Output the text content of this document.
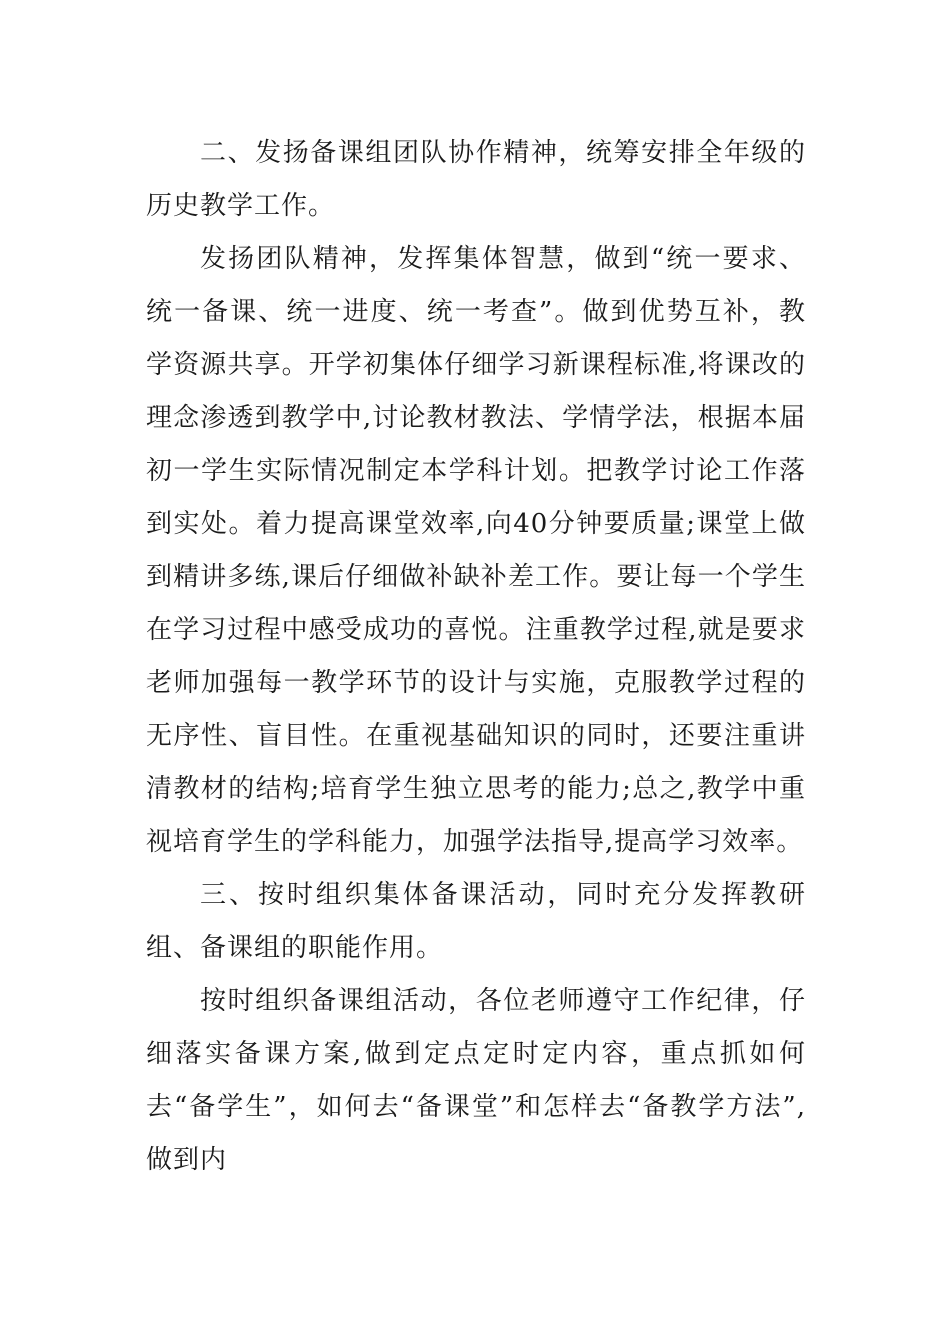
二、发扬备课组团队协作精神，统筹安排全年级的历史教学工作。

发扬团队精神，发挥集体智慧，做到“统一要求、统一备课、统一进度、统一考查”。做到优势互补，教学资源共享。开学初集体仔细学习新课程标准,将课改的理念渗透到教学中,讨论教材教法、学情学法，根据本届初一学生实际情况制定本学科计划。把教学讨论工作落到实处。着力提高课堂效率,向40分钟要质量;课堂上做到精讲多练,课后仔细做补缺补差工作。要让每一个学生在学习过程中感受成功的喜悦。注重教学过程,就是要求老师加强每一教学环节的设计与实施，克服教学过程的无序性、盲目性。在重视基础知识的同时，还要注重讲清教材的结构;培育学生独立思考的能力;总之,教学中重视培育学生的学科能力，加强学法指导,提高学习效率。

三、按时组织集体备课活动，同时充分发挥教研组、备课组的职能作用。

按时组织备课组活动，各位老师遵守工作纪律，仔细落实备课方案,做到定点定时定内容，重点抓如何去“备学生”，如何去“备课堂”和怎样去“备教学方法”,做到内
